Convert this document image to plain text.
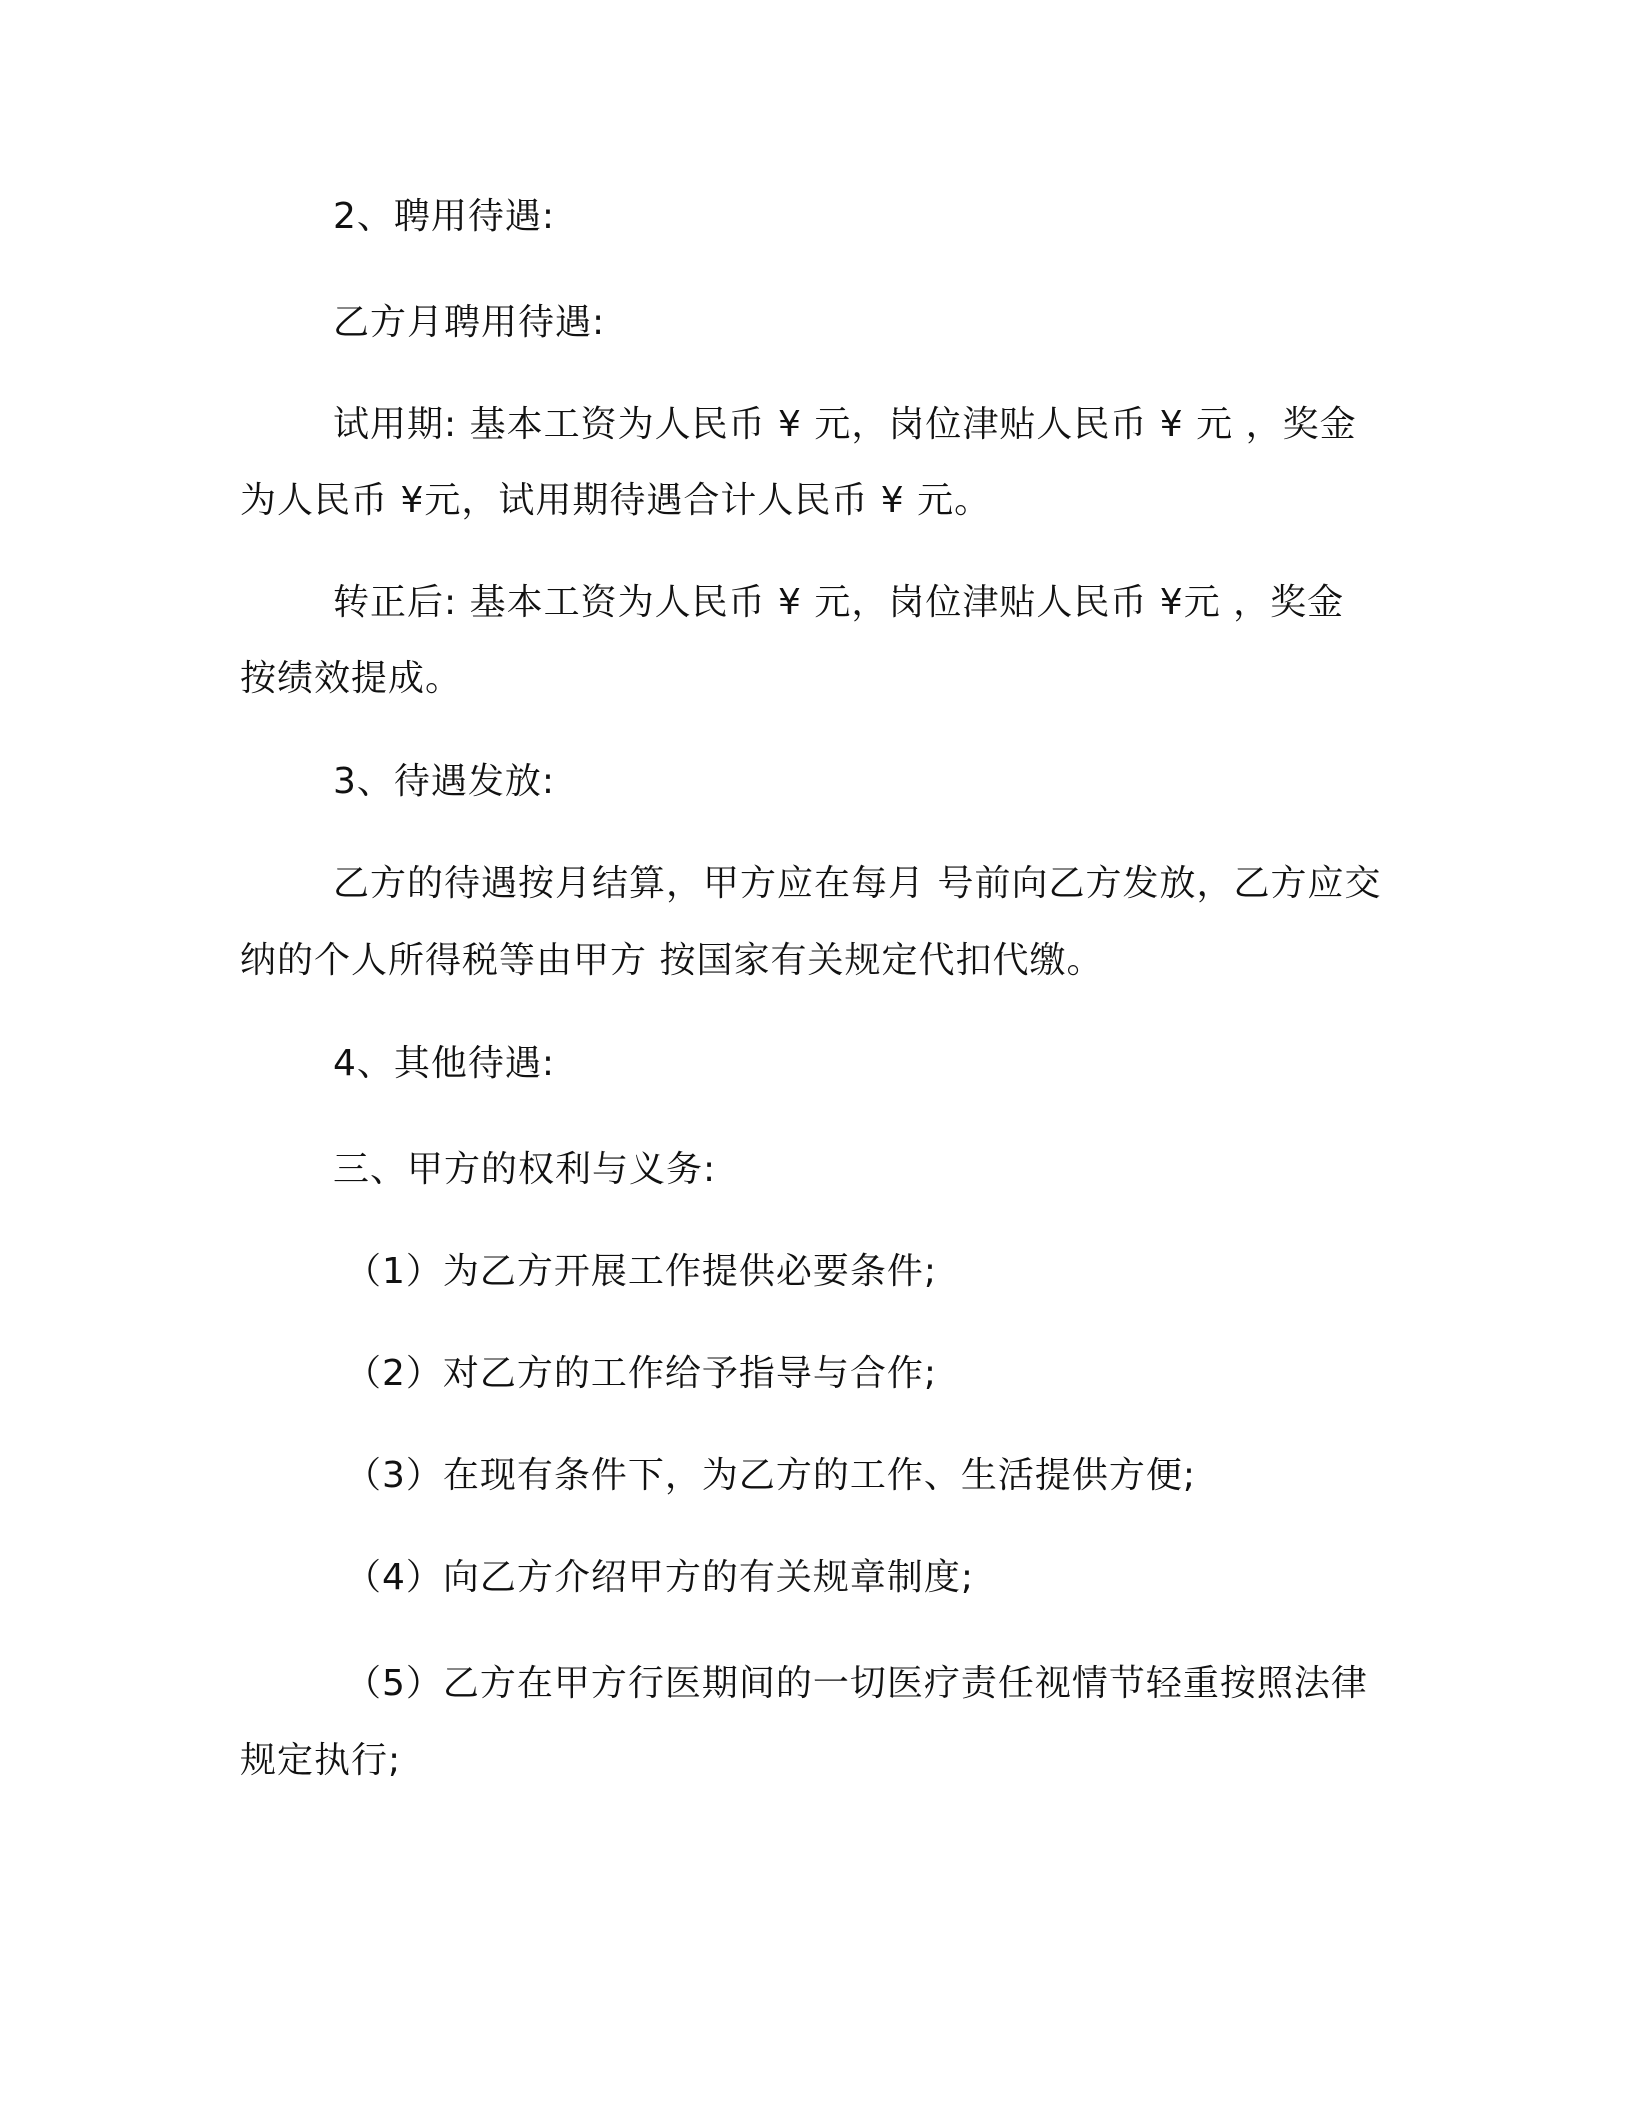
2、聘用待遇:
乙方月聘用待遇:
试用期: 基本工资为人民币 ¥ 元，岗位津贴人民币 ¥ 元 ，奖金
为人民币 ¥元，试用期待遇合计人民币 ¥ 元。
转正后: 基本工资为人民币 ¥ 元，岗位津贴人民币 ¥元 ，奖金
按绩效提成。
3、待遇发放:
乙方的待遇按月结算，甲方应在每月 号前向乙方发放，乙方应交
纳的个人所得税等由甲方 按国家有关规定代扣代缴。
4、其他待遇:
三、甲方的权利与义务:
（1）为乙方开展工作提供必要条件;
（2）对乙方的工作给予指导与合作;
（3）在现有条件下，为乙方的工作、生活提供方便;
（4）向乙方介绍甲方的有关规章制度;
（5）乙方在甲方行医期间的一切医疗责任视情节轻重按照法律
规定执行;
